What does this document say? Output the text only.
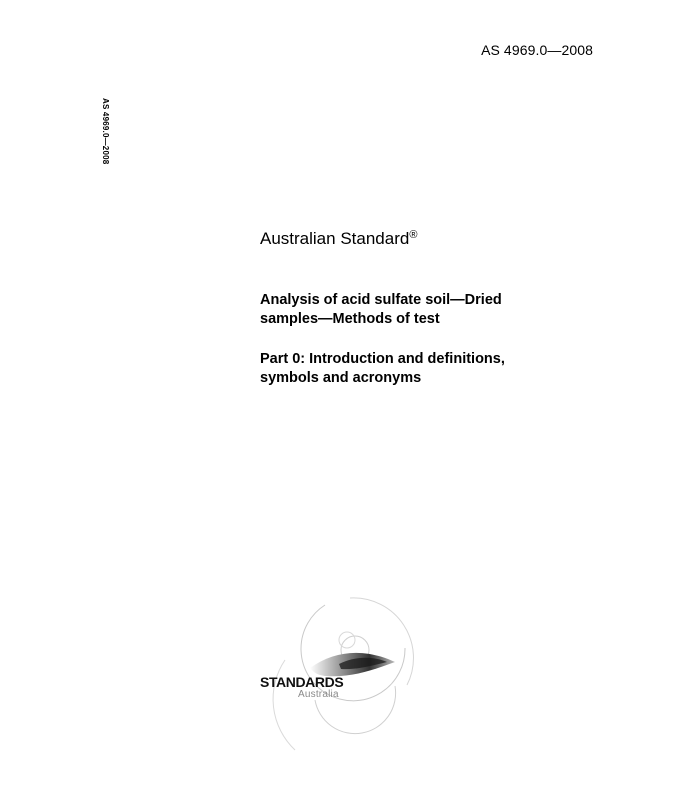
AS 4969.0—2008
AS 4969.0—2008
Australian Standard®
Analysis of acid sulfate soil—Dried
samples—Methods of test
Part 0: Introduction and definitions,
symbols and acronyms
STANDARDS
Australia
